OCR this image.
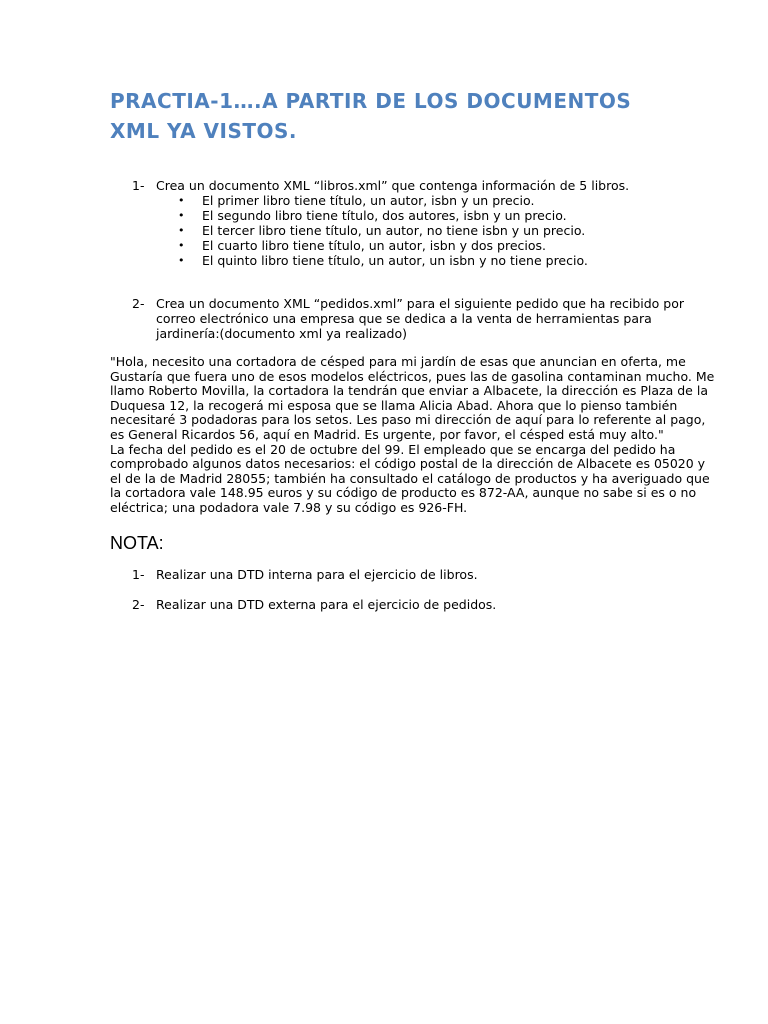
PRACTIA-1….A PARTIR DE LOS DOCUMENTOS
XML YA VISTOS.
1- Crea un documento XML “libros.xml” que contenga información de 5 libros.
• El primer libro tiene título, un autor, isbn y un precio.
• El segundo libro tiene título, dos autores, isbn y un precio.
• El tercer libro tiene título, un autor, no tiene isbn y un precio.
• El cuarto libro tiene título, un autor, isbn y dos precios.
• El quinto libro tiene título, un autor, un isbn y no tiene precio.
2- Crea un documento XML “pedidos.xml” para el siguiente pedido que ha recibido por
correo electrónico una empresa que se dedica a la venta de herramientas para
jardinería:(documento xml ya realizado)
"Hola, necesito una cortadora de césped para mi jardín de esas que anuncian en oferta, me
Gustaría que fuera uno de esos modelos eléctricos, pues las de gasolina contaminan mucho. Me
llamo Roberto Movilla, la cortadora la tendrán que enviar a Albacete, la dirección es Plaza de la
Duquesa 12, la recogerá mi esposa que se llama Alicia Abad. Ahora que lo pienso también
necesitaré 3 podadoras para los setos. Les paso mi dirección de aquí para lo referente al pago,
es General Ricardos 56, aquí en Madrid. Es urgente, por favor, el césped está muy alto."
La fecha del pedido es el 20 de octubre del 99. El empleado que se encarga del pedido ha
comprobado algunos datos necesarios: el código postal de la dirección de Albacete es 05020 y
el de la de Madrid 28055; también ha consultado el catálogo de productos y ha averiguado que
la cortadora vale 148.95 euros y su código de producto es 872-AA, aunque no sabe si es o no
eléctrica; una podadora vale 7.98 y su código es 926-FH.
NOTA:
1- Realizar una DTD interna para el ejercicio de libros.
2- Realizar una DTD externa para el ejercicio de pedidos.
